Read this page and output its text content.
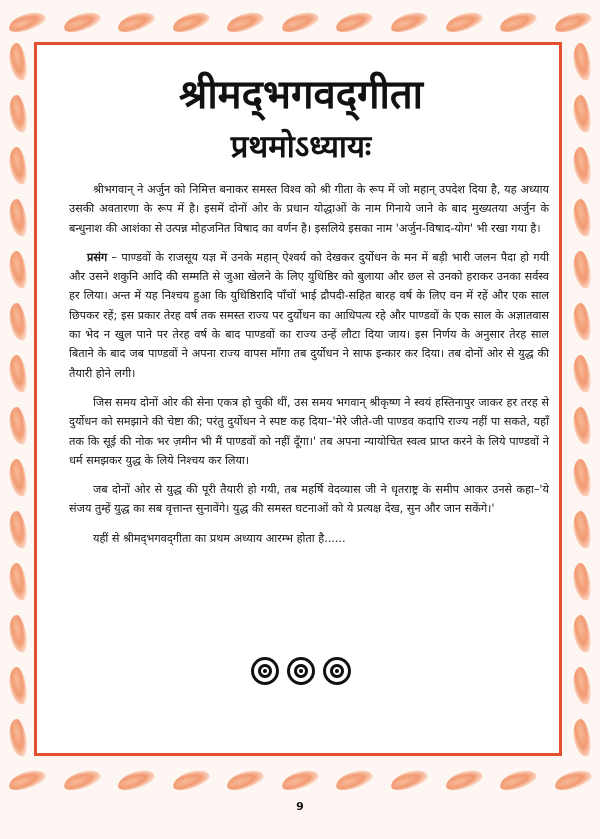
श्रीमद्‌भगवद्‌गीता
प्रथमोऽध्यायः

श्रीभगवान्‌ ने अर्जुन को निमित्त बनाकर समस्त विश्व को श्री गीता के रूप में जो महान्‌ उपदेश दिया है, यह अध्याय उसकी अवतारणा के रूप में है। इसमें दोनों ओर के प्रधान योद्धाओं के नाम गिनाये जाने के बाद मुख्यतया अर्जुन के बन्धुनाश की आशंका से उत्पन्न मोहजनित विषाद का वर्णन है। इसलिये इसका नाम 'अर्जुन-विषाद-योग' भी रखा गया है।

प्रसंग – पाण्डवों के राजसूय यज्ञ में उनके महान्‌ ऐश्वर्य को देखकर दुर्योधन के मन में बड़ी भारी जलन पैदा हो गयी और उसने शकुनि आदि की सम्मति से जुआ खेलने के लिए युधिष्ठिर को बुलाया और छल से उनको हराकर उनका सर्वस्व हर लिया। अन्त में यह निश्चय हुआ कि युधिष्ठिरादि पाँचों भाई द्रौपदी-सहित बारह वर्ष के लिए वन में रहें और एक साल छिपकर रहें; इस प्रकार तेरह वर्ष तक समस्त राज्य पर दुर्योधन का आधिपत्य रहे और पाण्डवों के एक साल के अज्ञातवास का भेद न खुल पाने पर तेरह वर्ष के बाद पाण्डवों का राज्य उन्हें लौटा दिया जाय। इस निर्णय के अनुसार तेरह साल बिताने के बाद जब पाण्डवों ने अपना राज्य वापस माँगा तब दुर्योधन ने साफ इन्कार कर दिया। तब दोनों ओर से युद्ध की तैयारी होने लगी।

जिस समय दोनों ओर की सेना एकत्र हो चुकी थीं, उस समय भगवान्‌ श्रीकृष्ण ने स्वयं हस्तिनापुर जाकर हर तरह से दुर्योधन को समझाने की चेष्टा की; परंतु दुर्योधन ने स्पष्ट कह दिया–'मेरे जीते-जी पाण्डव कदापि राज्य नहीं पा सकते, यहाँ तक कि सूई की नोक भर ज़मीन भी मैं पाण्डवों को नहीं दूँगा।' तब अपना न्यायोचित स्वत्व प्राप्त करने के लिये पाण्डवों ने धर्म समझकर युद्ध के लिये निश्चय कर लिया।

जब दोनों ओर से युद्ध की पूरी तैयारी हो गयी, तब महर्षि वेदव्यास जी ने धृतराष्ट्र के समीप आकर उनसे कहा–'ये संजय तुम्हें युद्ध का सब वृत्तान्त सुनावेंगे। युद्ध की समस्त घटनाओं को ये प्रत्यक्ष देख, सुन और जान सकेंगे।'

यहीं से श्रीमद्‌भगवद्‌गीता का प्रथम अध्याय आरम्भ होता है......

9
